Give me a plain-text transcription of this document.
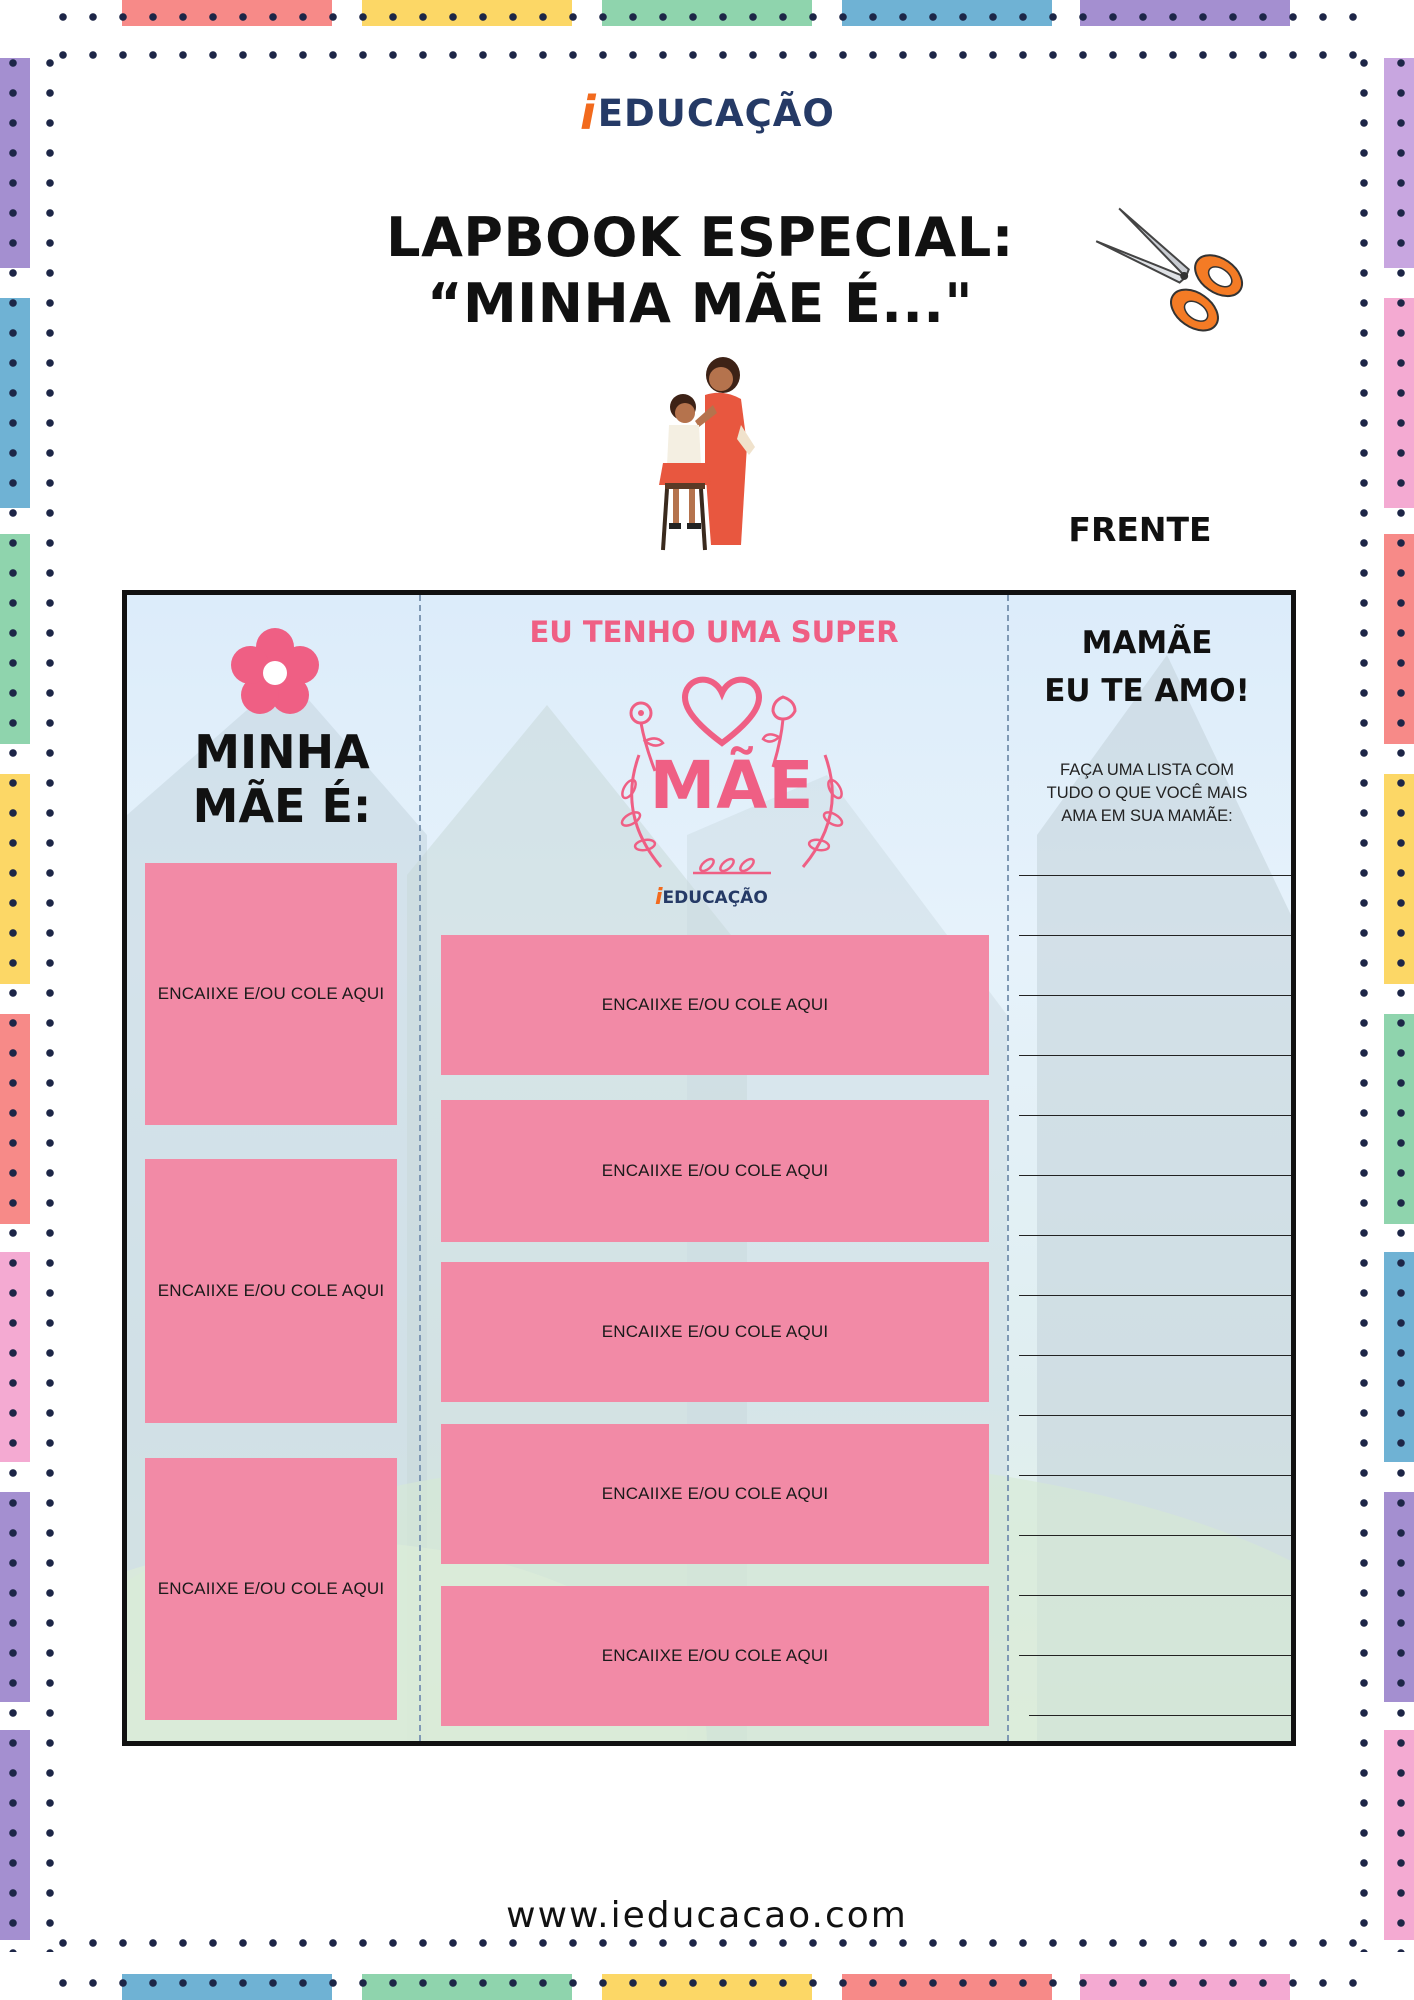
i EDUCAÇÃO
LAPBOOK ESPECIAL:
“MINHA MÃE É..."
FRENTE
MINHA
MÃE É:
ENCAIIXE E/OU COLE AQUI
ENCAIIXE E/OU COLE AQUI
ENCAIIXE E/OU COLE AQUI
EU TENHO UMA SUPER
MÃE
i EDUCAÇÃO
ENCAIIXE E/OU COLE AQUI
ENCAIIXE E/OU COLE AQUI
ENCAIIXE E/OU COLE AQUI
ENCAIIXE E/OU COLE AQUI
ENCAIIXE E/OU COLE AQUI
MAMÃE
EU TE AMO!
FAÇA UMA LISTA COM
TUDO O QUE VOCÊ MAIS
AMA EM SUA MAMÃE:
www.ieducacao.com
